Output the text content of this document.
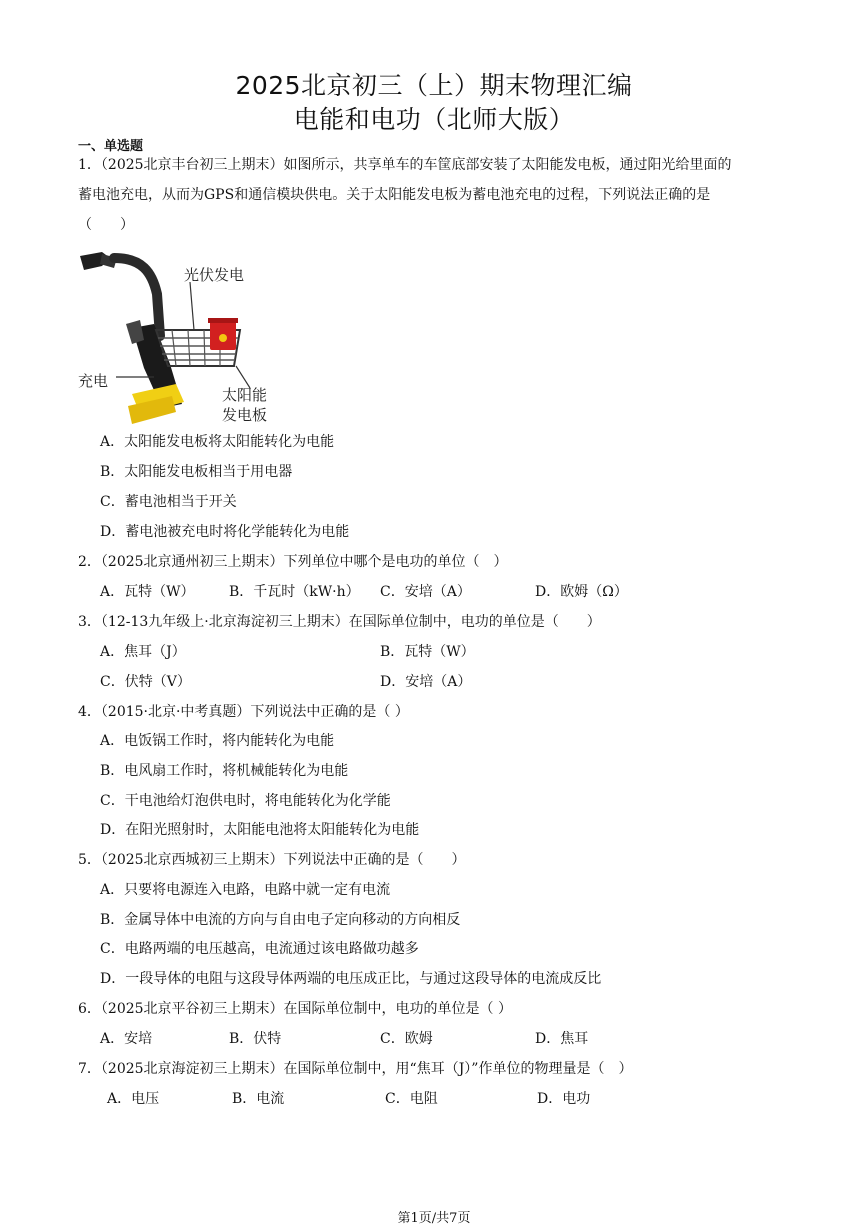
2025北京初三（上）期末物理汇编
电能和电功（北师大版）
一、单选题
1．（2025北京丰台初三上期末）如图所示，共享单车的车筐底部安装了太阳能发电板，通过阳光给里面的
蓄电池充电，从而为GPS和通信模块供电。关于太阳能发电板为蓄电池充电的过程，下列说法正确的是
（　　）
光伏发电
充电
太阳能
发电板
A．太阳能发电板将太阳能转化为电能
B．太阳能发电板相当于用电器
C．蓄电池相当于开关
D．蓄电池被充电时将化学能转化为电能
2．（2025北京通州初三上期末）下列单位中哪个是电功的单位（　）
A．瓦特（W） B．千瓦时（kW·h） C．安培（A）	D．欧姆（Ω）
3．（12-13九年级上·北京海淀初三上期末）在国际单位制中，电功的单位是（　　）
A．焦耳（J）	B．瓦特（W）
C．伏特（V）	D．安培（A）
4．（2015·北京·中考真题）下列说法中正确的是（ ）
A．电饭锅工作时，将内能转化为电能
B．电风扇工作时，将机械能转化为电能
C．干电池给灯泡供电时，将电能转化为化学能
D．在阳光照射时，太阳能电池将太阳能转化为电能
5．（2025北京西城初三上期末）下列说法中正确的是（　　）
A．只要将电源连入电路，电路中就一定有电流
B．金属导体中电流的方向与自由电子定向移动的方向相反
C．电路两端的电压越高，电流通过该电路做功越多
D．一段导体的电阻与这段导体两端的电压成正比，与通过这段导体的电流成反比
6．（2025北京平谷初三上期末）在国际单位制中，电功的单位是（ ）
A．安培	B．伏特	C．欧姆	D．焦耳
7．（2025北京海淀初三上期末）在国际单位制中，用“焦耳（J）”作单位的物理量是（　）
A．电压	B．电流	C．电阻	D．电功
第1页/共7页
